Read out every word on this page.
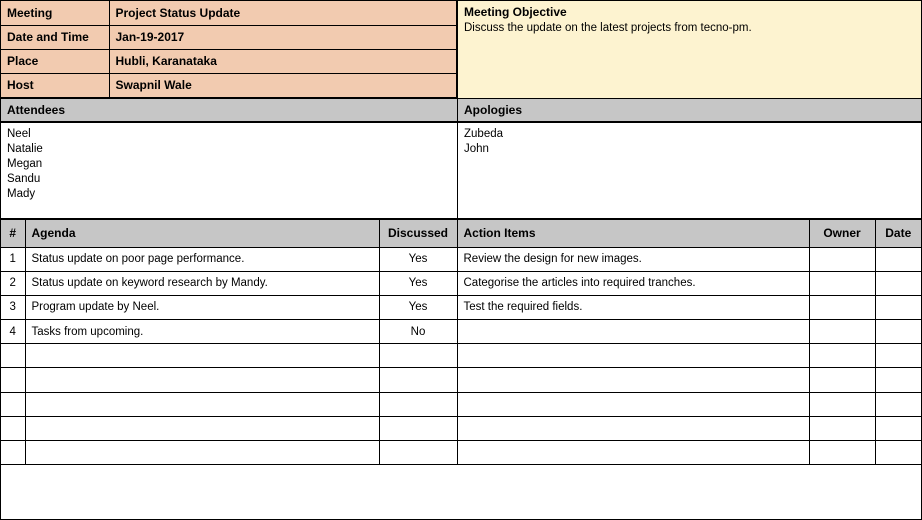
Meeting	Project Status Update
Date and Time	Jan-19-2017
Place	Hubli, Karanataka
Host	Swapnil Wale
Meeting Objective
Discuss the update on the latest projects from tecno-pm.
Attendees	Apologies
Neel
Natalie
Megan
Sandu
Mady
Zubeda
John
#	Agenda	Discussed	Action Items	Owner	Date
1	Status update on poor page performance.	Yes	Review the design for new images.		
2	Status update on keyword research by Mandy.	Yes	Categorise the articles into required tranches.		
3	Program update by Neel.	Yes	Test the required fields.		
4	Tasks from upcoming.	No			
